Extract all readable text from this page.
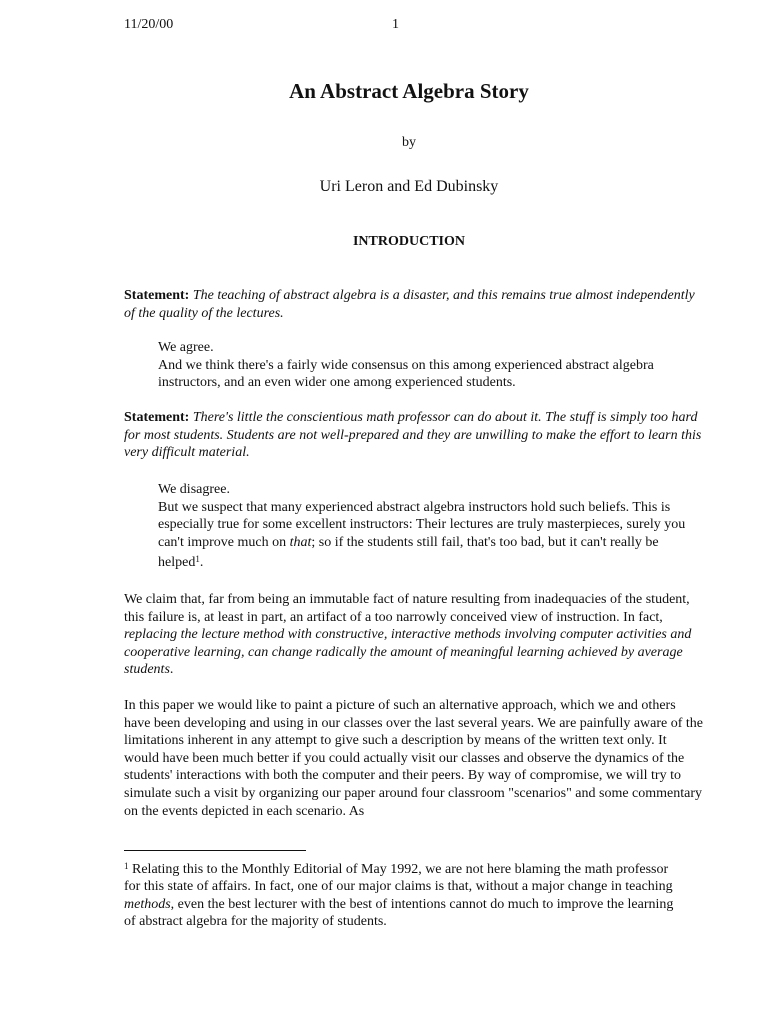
11/20/00	1
An Abstract Algebra Story
by
Uri Leron and Ed Dubinsky
INTRODUCTION

Statement: The teaching of abstract algebra is a disaster, and this remains true almost independently of the quality of the lectures.

We agree.

And we think there's a fairly wide consensus on this among experienced abstract algebra instructors, and an even wider one among experienced students.

Statement: There's little the conscientious math professor can do about it. The stuff is simply too hard for most students. Students are not well-prepared and they are unwilling to make the effort to learn this very difficult material.

We disagree.

But we suspect that many experienced abstract algebra instructors hold such beliefs. This is especially true for some excellent instructors: Their lectures are truly masterpieces, surely you can't improve much on that; so if the students still fail, that's too bad, but it can't really be helped$^1$.

We claim that, far from being an immutable fact of nature resulting from inadequacies of the student, this failure is, at least in part, an artifact of a too narrowly conceived view of instruction. In fact, replacing the lecture method with constructive, interactive methods involving computer activities and cooperative learning, can change radically the amount of meaningful learning achieved by average students.

In this paper we would like to paint a picture of such an alternative approach, which we and others have been developing and using in our classes over the last several years. We are painfully aware of the limitations inherent in any attempt to give such a description by means of the written text only. It would have been much better if you could actually visit our classes and observe the dynamics of the students' interactions with both the computer and their peers. By way of compromise, we will try to simulate such a visit by organizing our paper around four classroom "scenarios" and some commentary on the events depicted in each scenario. As

$^1$ Relating this to the Monthly Editorial of May 1992, we are not here blaming the math professor for this state of affairs. In fact, one of our major claims is that, without a major change in teaching methods, even the best lecturer with the best of intentions cannot do much to improve the learning of abstract algebra for the majority of students.
